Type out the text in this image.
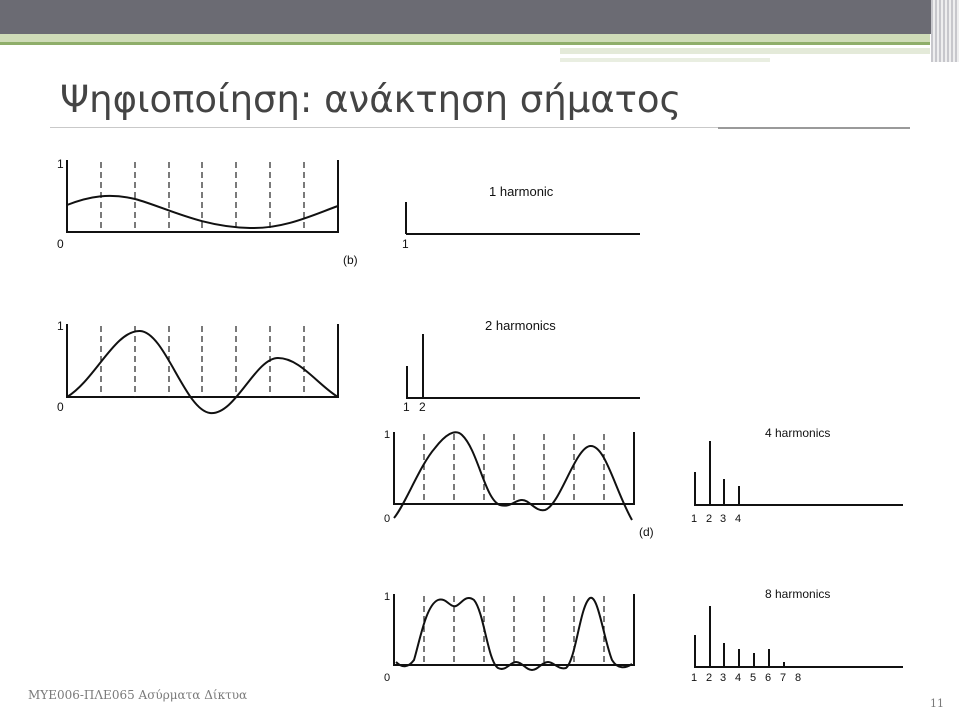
Ψηφιοποίηση: ανάκτηση σήματος
1
0
(b)
1 harmonic
1
1
0
2 harmonics
1 2
1
0
(d)
4 harmonics
1 2 3 4
1
0
8 harmonics
1 2 3 4 5 6 7 8
ΜΥΕ006-ΠΛΕ065 Ασύρματα Δίκτυα
11
